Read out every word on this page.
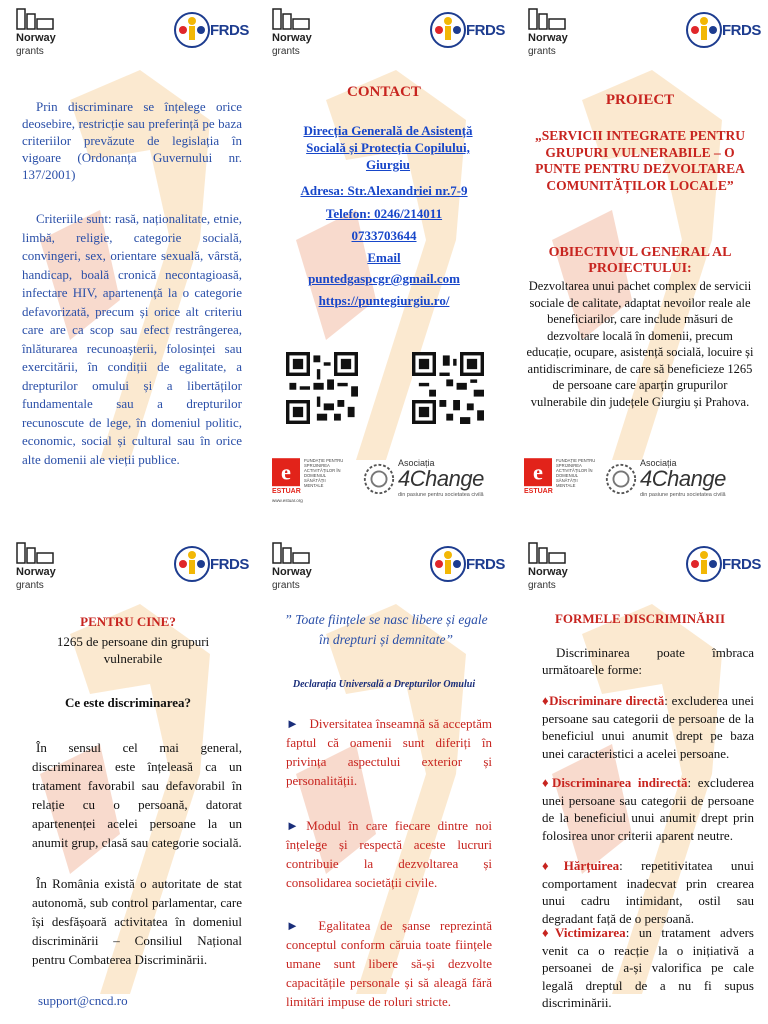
Norway
grants
FRDS
Prin discriminare se înțelege orice deosebire, restricție sau preferință pe baza criteriilor prevăzute de legislația în vigoare (Ordonanța Guvernului nr. 137/2001)
Criteriile sunt: rasă, naționalitate, etnie, limbă, religie, categorie socială, convingeri, sex, orientare sexuală, vârstă, handicap, boală cronică necontagioasă, infectare HIV, apartenență la o categorie defavorizată, precum și orice alt criteriu care are ca scop sau efect restrângerea, înlăturarea recunoașterii, folosinței sau exercitării, în condiții de egalitate, a drepturilor omului și a libertăților fundamentale sau a drepturilor recunoscute de lege, în domeniul politic, economic, social și cultural sau în orice alte domenii ale vieții publice.
Norway
grants
FRDS
CONTACT
Direcția Generală de Asistență Socială și Protecția Copilului, Giurgiu
Adresa: Str.Alexandriei nr.7-9
Telefon: 0246/214011
0733703644
Email
puntedgaspcgr@gmail.com
https://puntegiurgiu.ro/
e
ESTUAR
FUNDAȚIE PENTRU SPRIJINIREA ACTIVITĂȚILOR ÎN DOMENIUL SĂNĂTĂȚII MENTALE
www.estuar.org
Asociația
4Change
din pasiune pentru societatea civilă
Norway
grants
FRDS
PROIECT
„SERVICII INTEGRATE PENTRU GRUPURI VULNERABILE – O PUNTE PENTRU DEZVOLTAREA COMUNITĂȚILOR LOCALE”
OBIECTIVUL GENERAL AL PROIECTULUI:
Dezvoltarea unui pachet complex de servicii sociale de calitate, adaptat nevoilor reale ale beneficiarilor, care include măsuri de dezvoltare locală în domenii, precum educație, ocupare, asistență socială, locuire și antidiscriminare, de care să beneficieze 1265 de persoane care aparțin grupurilor vulnerabile din județele Giurgiu și Prahova.
e
ESTUAR
FUNDAȚIE PENTRU SPRIJINIREA ACTIVITĂȚILOR ÎN DOMENIUL SĂNĂTĂȚII MENTALE
Asociația
4Change
din pasiune pentru societatea civilă
Norway
grants
FRDS
PENTRU CINE?
1265 de persoane din grupuri vulnerabile
Ce este discriminarea?
În sensul cel mai general, discriminarea este înțeleasă ca un tratament favorabil sau defavorabil în relație cu o persoană, datorat apartenenței acelei persoane la un anumit grup, clasă sau categorie socială.
În România există o autoritate de stat autonomă, sub control parlamentar, care își desfășoară activitatea în domeniul discriminării – Consiliul Național pentru Combaterea Discriminării.
support@cncd.ro
Norway
grants
FRDS
” Toate ființele se nasc libere și egale în drepturi și demnitate”
Declarația Universală a Drepturilor Omului
►   Diversitatea înseamnă să acceptăm faptul că oamenii sunt diferiți în privința aspectului exterior și personalității.
► Modul în care fiecare dintre noi înțelege și respectă aceste lucruri contribuie la dezvoltarea și consolidarea societății civile.
►  Egalitatea de șanse reprezintă conceptul conform căruia toate ființele umane sunt libere să-și dezvolte capacitățile personale și să aleagă fără limitări impuse de roluri stricte.
Norway
grants
FRDS
FORMELE DISCRIMINĂRII
Discriminarea poate îmbraca următoarele forme:
♦Discriminare directă: excluderea unei persoane sau categorii de persoane de la beneficiul unui anumit drept pe baza unei caracteristici a acelei persoane.
♦Discriminarea indirectă: excluderea unei persoane sau categorii de persoane de la beneficiul unui anumit drept prin folosirea unor criterii aparent neutre.
♦Hărțuirea: repetitivitatea unui comportament inadecvat prin crearea unui cadru intimidant, ostil sau degradant față de o persoană.
♦Victimizarea: un tratament advers venit ca o reacție la o inițiativă a persoanei de a-și valorifica pe cale legală dreptul de a nu fi supus discriminării.
